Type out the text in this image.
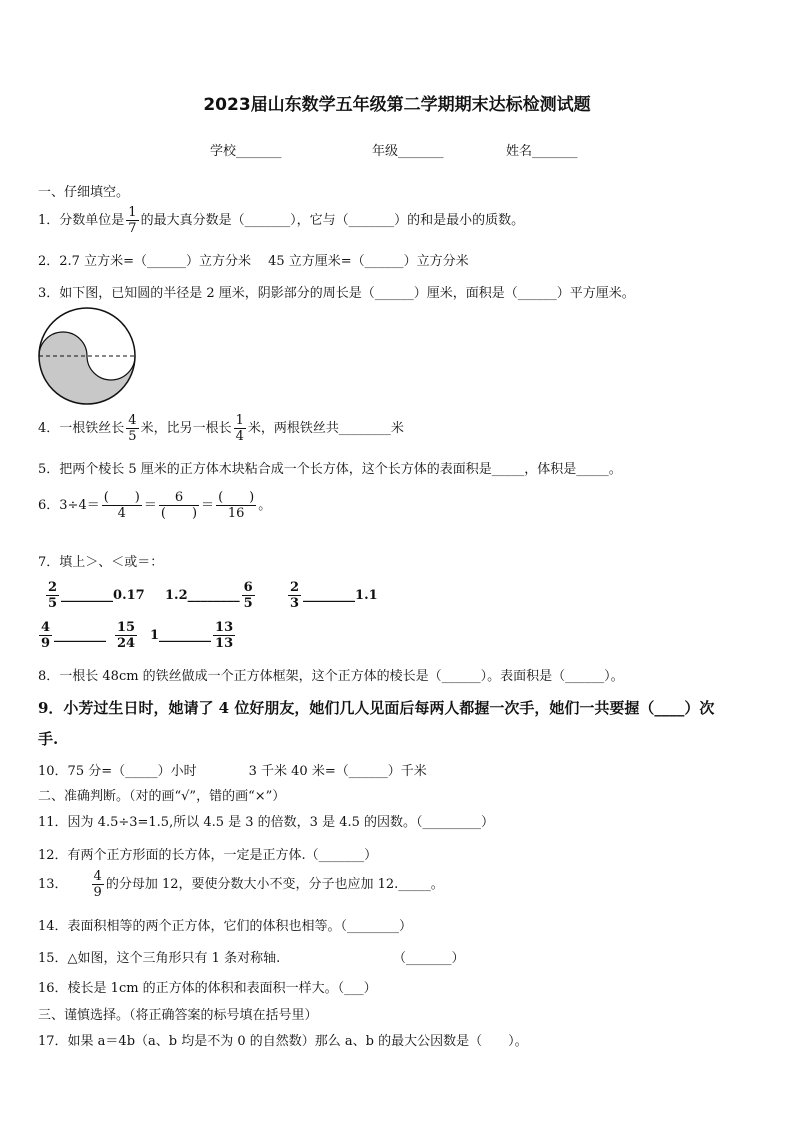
2023届山东数学五年级第二学期期末达标检测试题
学校_______	年级_______	姓名_______
一、仔细填空。
1．分数单位是 $\frac{1}{7}$ 的最大真分数是（_______），它与（_______）的和是最小的质数。
2．2.7 立方米=（______）立方分米　 45 立方厘米=（______）立方分米
3．如下图，已知圆的半径是 2 厘米，阴影部分的周长是（______）厘米，面积是（______）平方厘米。
4．一根铁丝长 $\frac{4}{5}$ 米，比另一根长 $\frac{1}{4}$ 米，两根铁丝共________米
5．把两个棱长 5 厘米的正方体木块粘合成一个长方体，这个长方体的表面积是_____，体积是_____。
6．$3\div 4= \frac{( )}{4} = \frac{6}{( )} = \frac{( )}{16}$ 。
7．填上＞、＜或＝：
$\frac{2}{5}$ ________0.17 1.2________ $\frac{6}{5}$	$\frac{2}{3}$ ________1.1
$\frac{4}{9}$ ________ $\frac{15}{24}$ 1________ $\frac{13}{13}$
8．一根长 48cm 的铁丝做成一个正方体框架，这个正方体的棱长是（______）。表面积是（______）。
9．小芳过生日时，她请了 4 位好朋友，她们几人见面后每两人都握一次手，她们一共要握（____）次
手.
10．75 分=（_____）小时　　　　3 千米 40 米=（______）千米
二、准确判断。（对的画“√”，错的画“×”）
11．因为 4.5÷3=1.5,所以 4.5 是 3 的倍数，3 是 4.5 的因数。（_________）
12．有两个正方形面的长方体，一定是正方体.（_______）
13． $\frac{4}{9}$ 的分母加 12，要使分数大小不变，分子也应加 12._____。
14．表面积相等的两个正方体，它们的体积也相等。（________）
15．△如图，这个三角形只有 1 条对称轴.	（_______）
16．棱长是 1cm 的正方体的体积和表面积一样大。（___）
三、谨慎选择。（将正确答案的标号填在括号里）
17．如果 a＝4b（a、b 均是不为 0 的自然数）那么 a、b 的最大公因数是（　　）。
